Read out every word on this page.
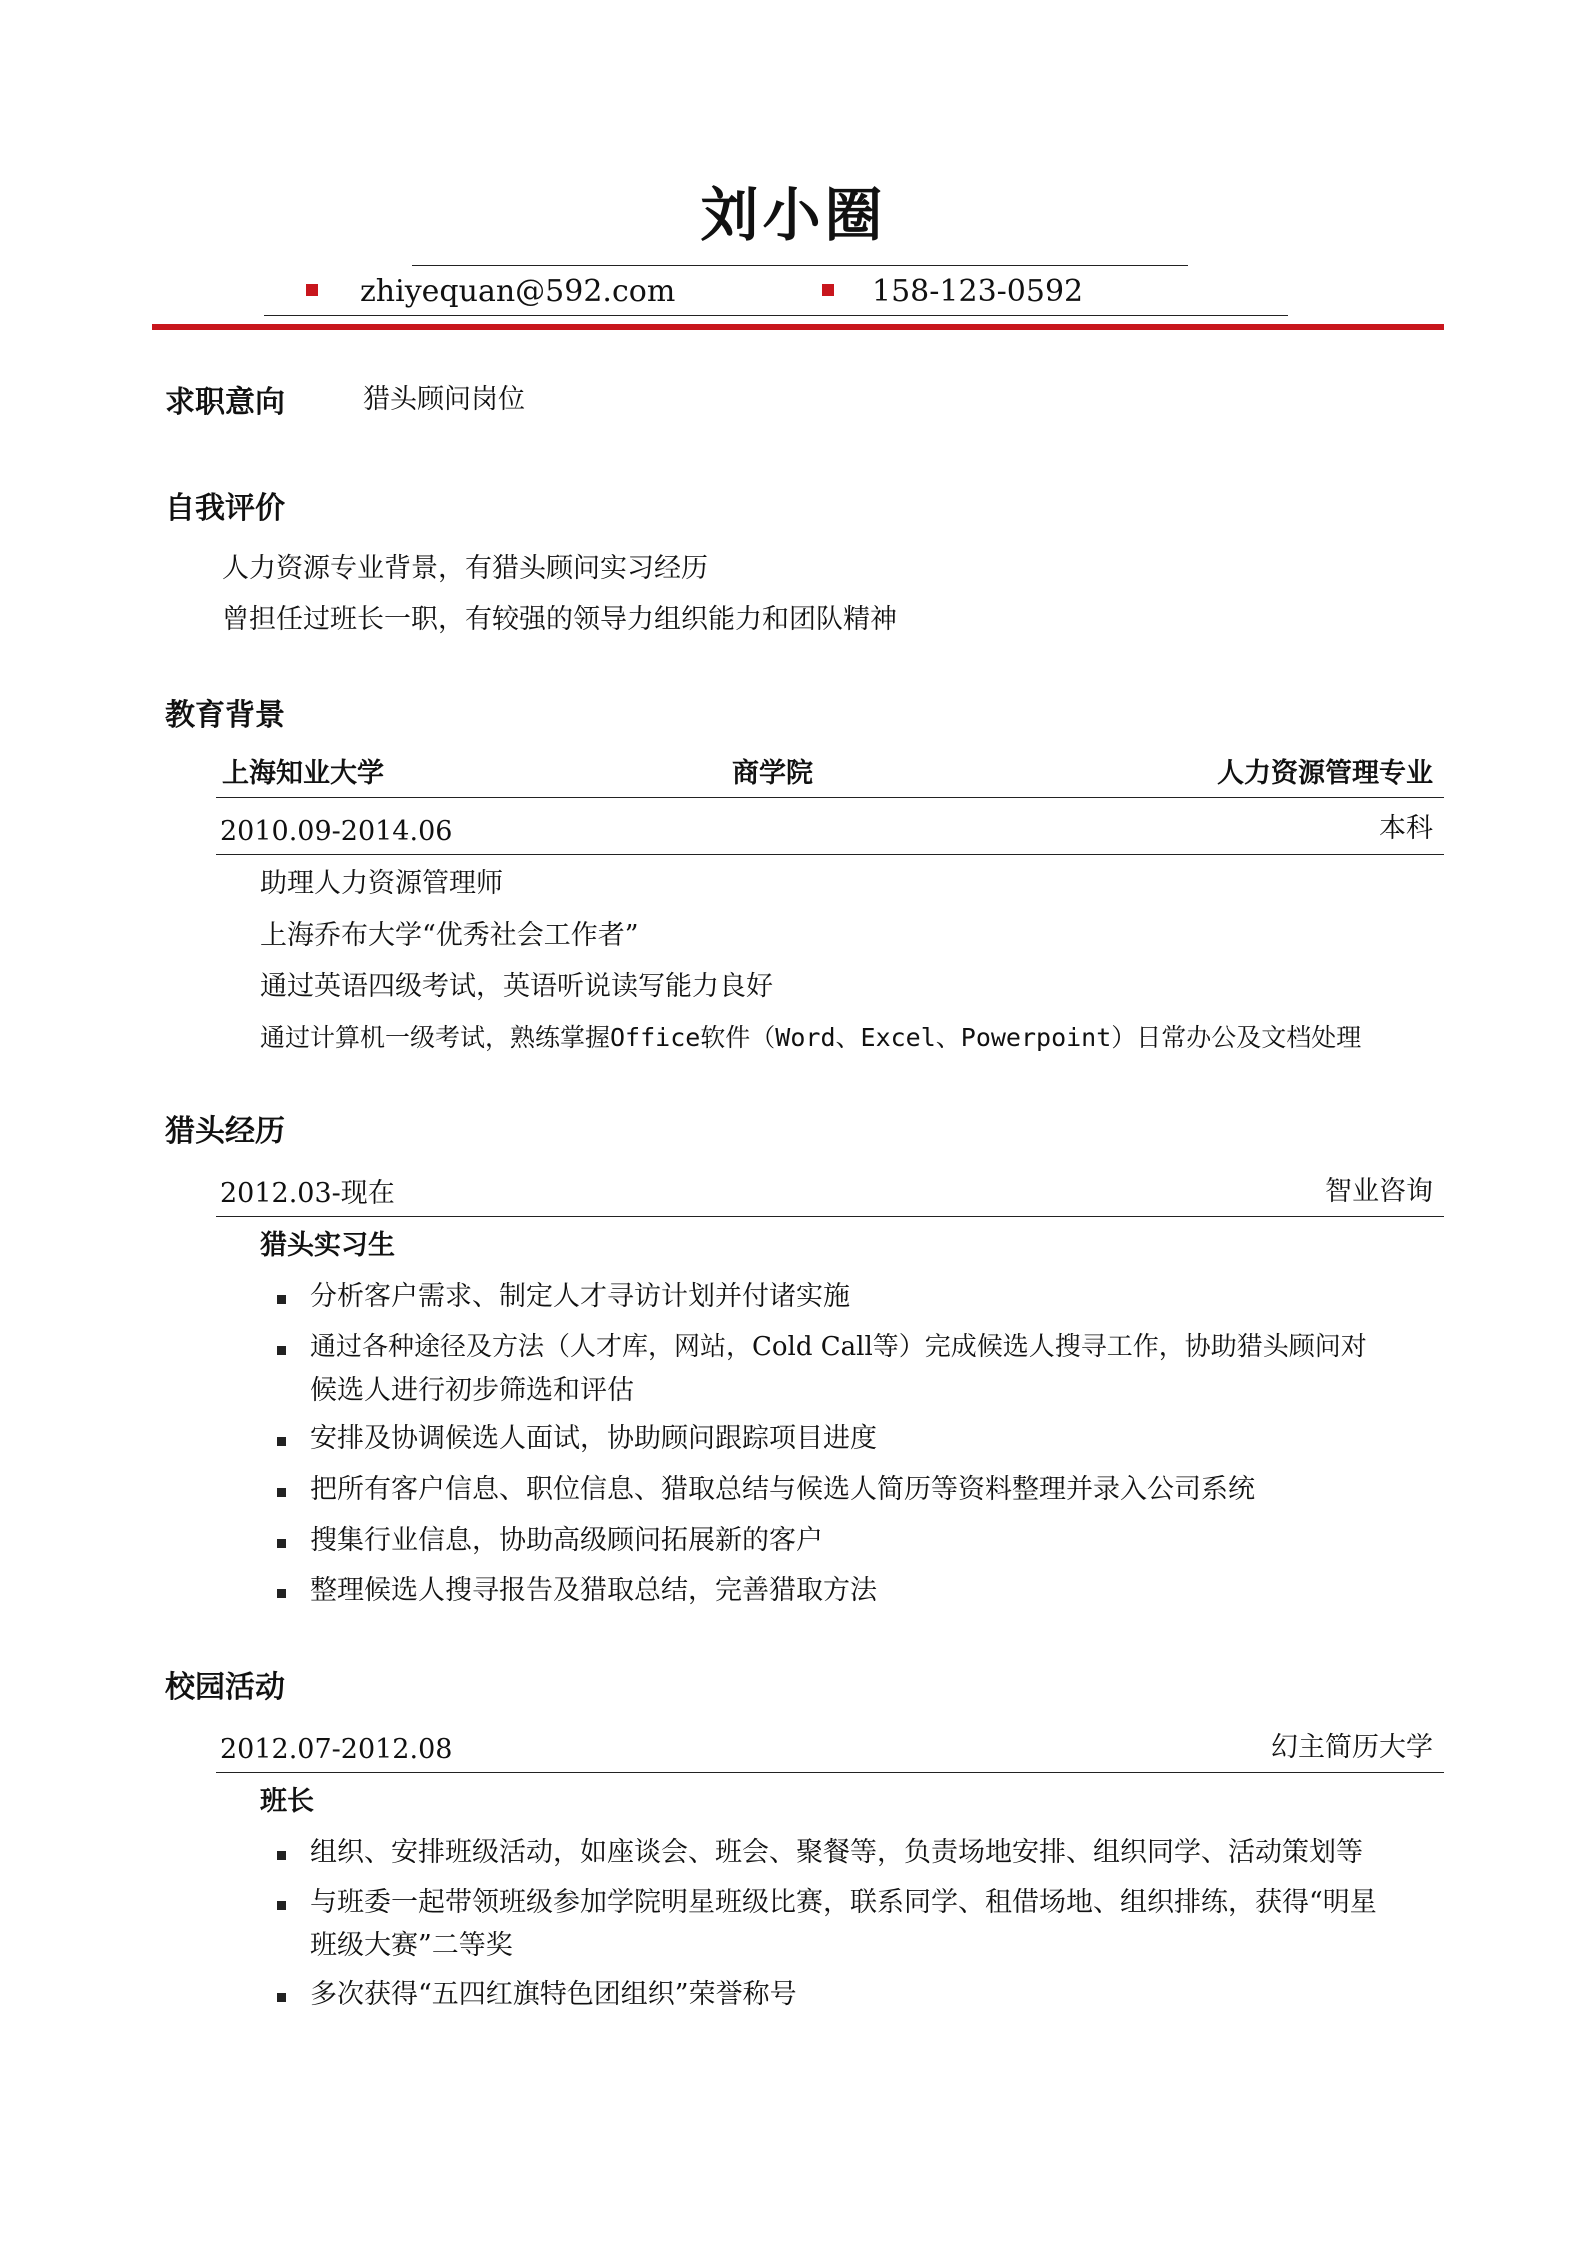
刘小圈
zhiyequan@592.com	158-123-0592
求职意向	猎头顾问岗位
自我评价
人力资源专业背景，有猎头顾问实习经历
曾担任过班长一职，有较强的领导力组织能力和团队精神
教育背景
上海知业大学	商学院	人力资源管理专业
2010.09-2014.06	本科
助理人力资源管理师
上海乔布大学“优秀社会工作者”
通过英语四级考试，英语听说读写能力良好
通过计算机一级考试，熟练掌握Office软件（Word、Excel、Powerpoint）日常办公及文档处理
猎头经历
2012.03-现在	智业咨询
猎头实习生
分析客户需求、制定人才寻访计划并付诸实施
通过各种途径及方法（人才库，网站，Cold Call等）完成候选人搜寻工作，协助猎头顾问对
候选人进行初步筛选和评估
安排及协调候选人面试，协助顾问跟踪项目进度
把所有客户信息、职位信息、猎取总结与候选人简历等资料整理并录入公司系统
搜集行业信息，协助高级顾问拓展新的客户
整理候选人搜寻报告及猎取总结，完善猎取方法
校园活动
2012.07-2012.08	幻主简历大学
班长
组织、安排班级活动，如座谈会、班会、聚餐等，负责场地安排、组织同学、活动策划等
与班委一起带领班级参加学院明星班级比赛，联系同学、租借场地、组织排练，获得“明星
班级大赛”二等奖
多次获得“五四红旗特色团组织”荣誉称号
